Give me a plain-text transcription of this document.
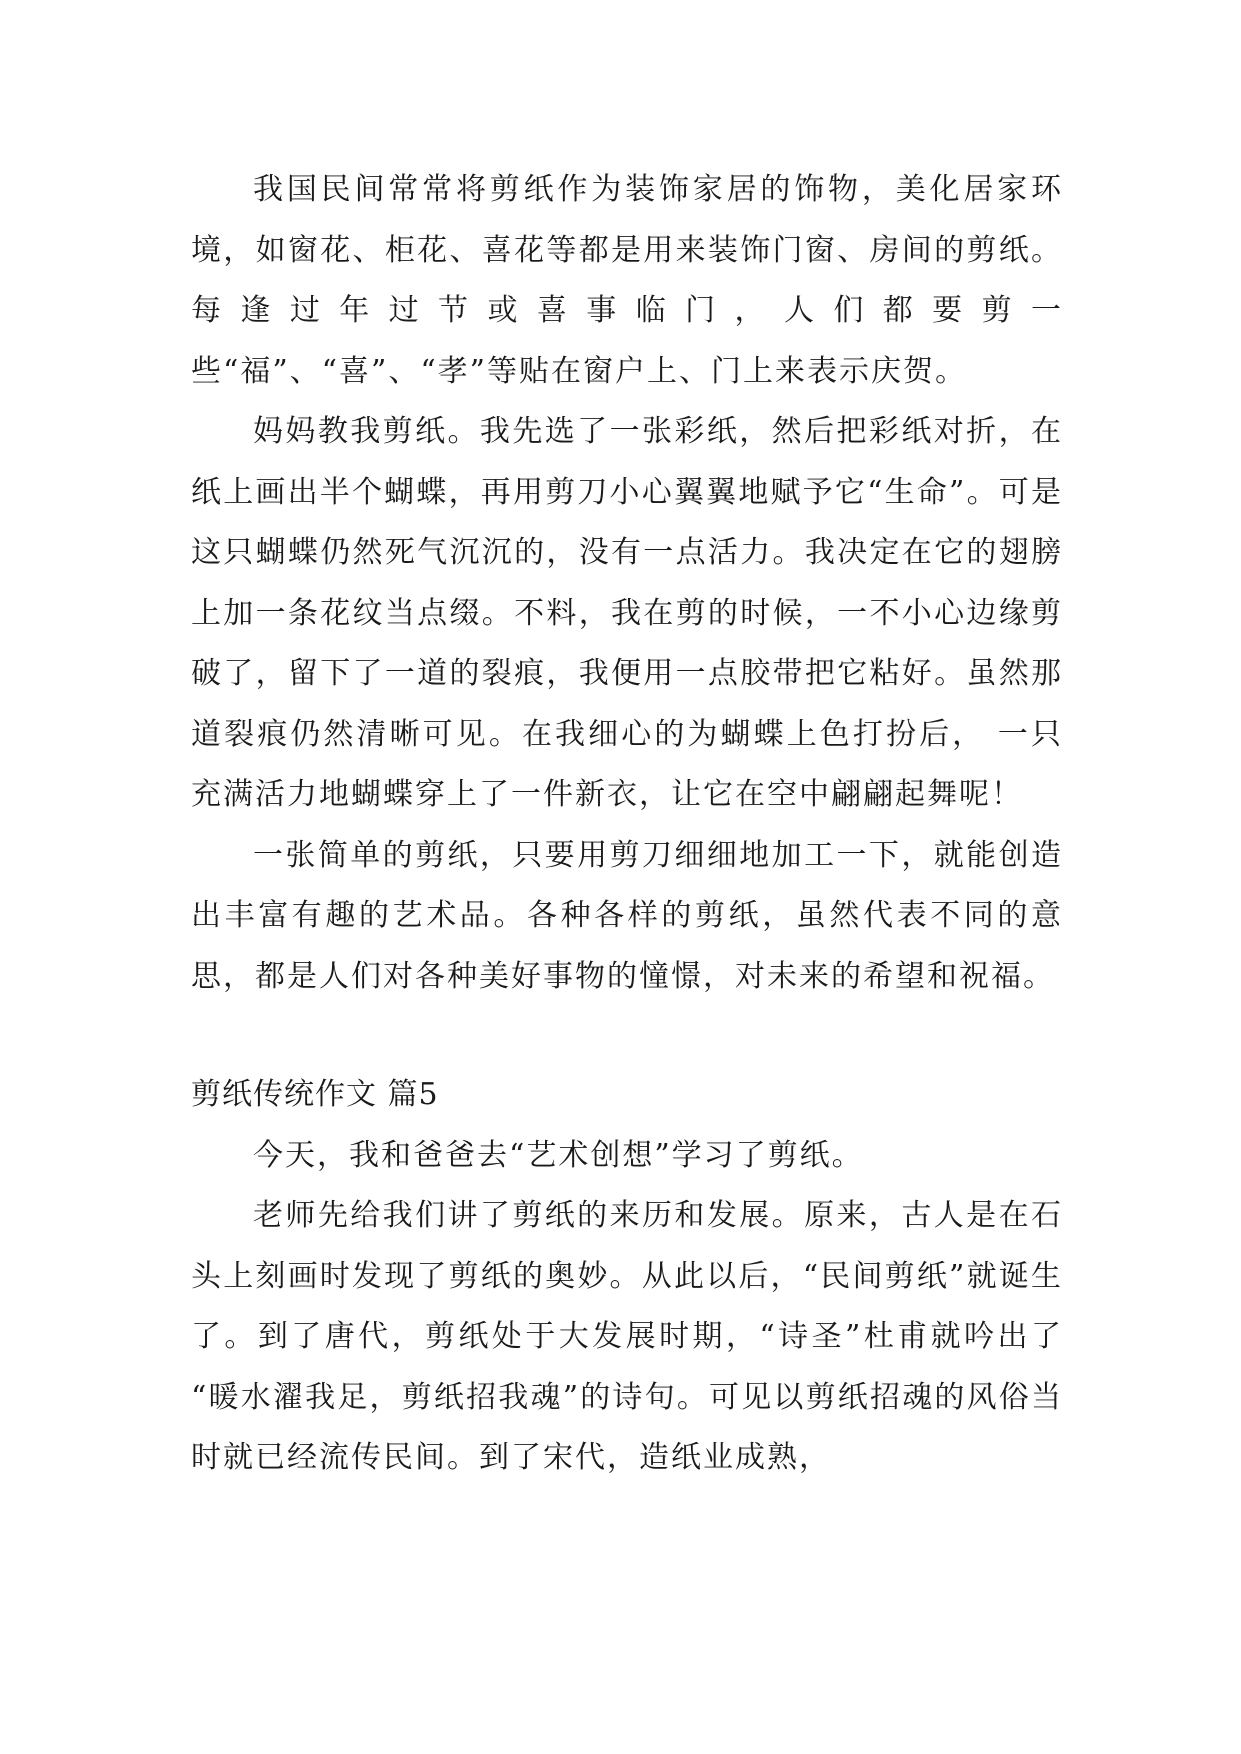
我国民间常常将剪纸作为装饰家居的饰物，美化居家环境，如窗花、柜花、喜花等都是用来装饰门窗、房间的剪纸。每逢过年过节或喜事临门，人们都要剪一些“福”、“喜”、“孝”等贴在窗户上、门上来表示庆贺。

妈妈教我剪纸。我先选了一张彩纸，然后把彩纸对折，在纸上画出半个蝴蝶，再用剪刀小心翼翼地赋予它“生命”。可是这只蝴蝶仍然死气沉沉的，没有一点活力。我决定在它的翅膀上加一条花纹当点缀。不料，我在剪的时候，一不小心边缘剪破了，留下了一道的裂痕，我便用一点胶带把它粘好。虽然那道裂痕仍然清晰可见。在我细心的为蝴蝶上色打扮后， 一只充满活力地蝴蝶穿上了一件新衣，让它在空中翩翩起舞呢！

一张简单的剪纸，只要用剪刀细细地加工一下，就能创造出丰富有趣的艺术品。各种各样的剪纸，虽然代表不同的意思，都是人们对各种美好事物的憧憬，对未来的希望和祝福。

剪纸传统作文 篇5

今天，我和爸爸去“艺术创想”学习了剪纸。

老师先给我们讲了剪纸的来历和发展。原来，古人是在石头上刻画时发现了剪纸的奥妙。从此以后，“民间剪纸”就诞生了。到了唐代，剪纸处于大发展时期，“诗圣”杜甫就吟出了 “暖水濯我足，剪纸招我魂”的诗句。可见以剪纸招魂的风俗当时就已经流传民间。到了宋代，造纸业成熟，
